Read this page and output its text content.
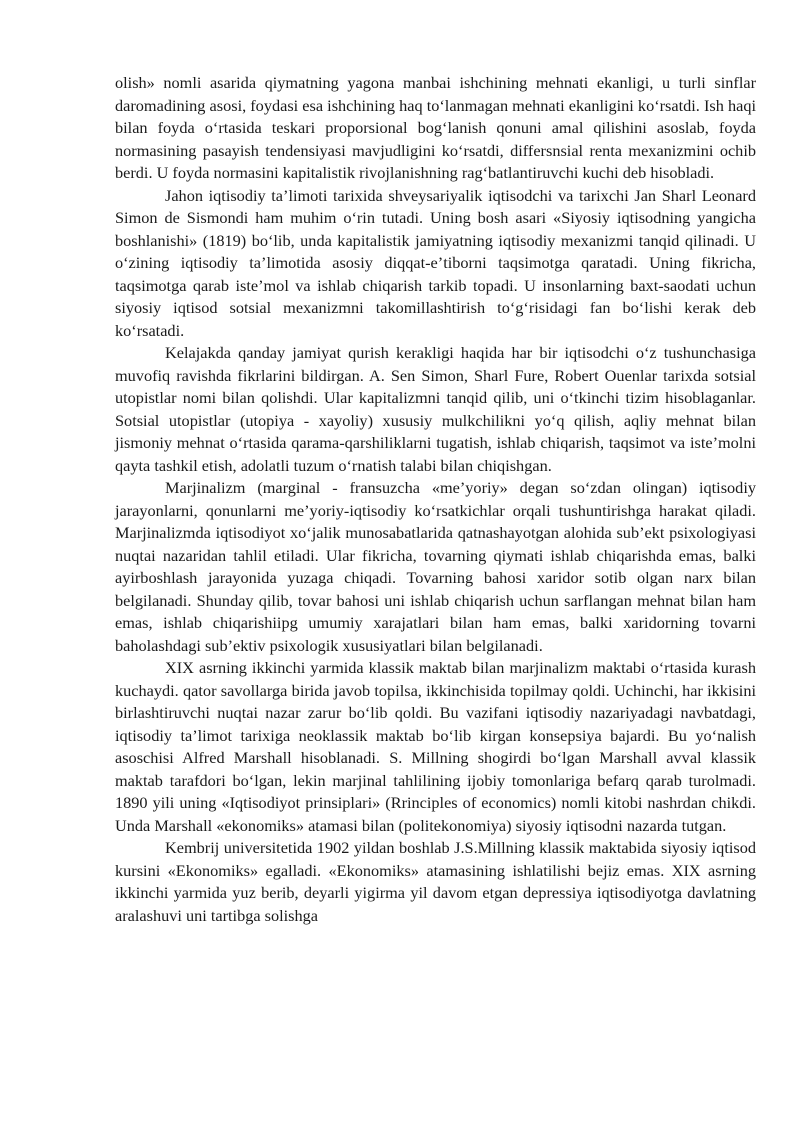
olish» nomli asarida qiymatning yagona manbai ishchining mehnati ekanligi, u turli sinflar daromadining asosi, foydasi esa ishchining haq toʻlanmagan mehnati ekanligini koʻrsatdi. Ish haqi bilan foyda oʻrtasida teskari proporsional bogʻlanish qonuni amal qilishini asoslab, foyda normasining pasayish tendensiyasi mavjudligini koʻrsatdi, differsnsial renta mexanizmini ochib berdi. U foyda normasini kapitalistik rivojlanishning ragʻbatlantiruvchi kuchi deb hisobladi.

Jahon iqtisodiy taʼlimoti tarixida shveysariyalik iqtisodchi va tarixchi Jan Sharl Leonard Simon de Sismondi ham muhim oʻrin tutadi. Uning bosh asari «Siyosiy iqtisodning yangicha boshlanishi» (1819) boʻlib, unda kapitalistik jamiyatning iqtisodiy mexanizmi tanqid qilinadi. U oʻzining iqtisodiy taʼlimotida asosiy diqqat-eʼtiborni taqsimotga qaratadi. Uning fikricha, taqsimotga qarab isteʼmol va ishlab chiqarish tarkib topadi. U insonlarning baxt-saodati uchun siyosiy iqtisod sotsial mexanizmni takomillashtirish toʻgʻrisidagi fan boʻlishi kerak deb koʻrsatadi.

Kelajakda qanday jamiyat qurish kerakligi haqida har bir iqtisodchi oʻz tushunchasiga muvofiq ravishda fikrlarini bildirgan. A. Sen Simon, Sharl Fure, Robert Ouenlar tarixda sotsial utopistlar nomi bilan qolishdi. Ular kapitalizmni tanqid qilib, uni oʻtkinchi tizim hisoblaganlar. Sotsial utopistlar (utopiya - xayoliy) xususiy mulkchilikni yoʻq qilish, aqliy mehnat bilan jismoniy mehnat oʻrtasida qarama-qarshiliklarni tugatish, ishlab chiqarish, taqsimot va isteʼmolni qayta tashkil etish, adolatli tuzum oʻrnatish talabi bilan chiqishgan.

Marjinalizm (marginal - fransuzcha «meʼyoriy» degan soʻzdan olingan) iqtisodiy jarayonlarni, qonunlarni meʼyoriy-iqtisodiy koʻrsatkichlar orqali tushuntirishga harakat qiladi. Marjinalizmda iqtisodiyot xoʻjalik munosabatlarida qatnashayotgan alohida subʼekt psixologiyasi nuqtai nazaridan tahlil etiladi. Ular fikricha, tovarning qiymati ishlab chiqarishda emas, balki ayirboshlash jarayonida yuzaga chiqadi. Tovarning bahosi xaridor sotib olgan narx bilan belgilanadi. Shunday qilib, tovar bahosi uni ishlab chiqarish uchun sarflangan mehnat bilan ham emas, ishlab chiqarishiipg umumiy xarajatlari bilan ham emas, balki xaridorning tovarni baholashdagi subʼektiv psixologik xususiyatlari bilan belgilanadi.

XIX asrning ikkinchi yarmida klassik maktab bilan marjinalizm maktabi oʻrtasida kurash kuchaydi. qator savollarga birida javob topilsa, ikkinchisida topilmay qoldi. Uchinchi, har ikkisini birlashtiruvchi nuqtai nazar zarur boʻlib qoldi. Bu vazifani iqtisodiy nazariyadagi navbatdagi, iqtisodiy taʼlimot tarixiga neoklassik maktab boʻlib kirgan konsepsiya bajardi. Bu yoʻnalish asoschisi Alfred Marshall hisoblanadi. S. Millning shogirdi boʻlgan Marshall avval klassik maktab tarafdori boʻlgan, lekin marjinal tahlilining ijobiy tomonlariga befarq qarab turolmadi. 1890 yili uning «Iqtisodiyot prinsiplari» (Rrinciples of economics) nomli kitobi nashrdan chikdi. Unda Marshall «ekonomiks» atamasi bilan (politekonomiya) siyosiy iqtisodni nazarda tutgan.

Kembrij universitetida 1902 yildan boshlab J.S.Millning klassik maktabida siyosiy iqtisod kursini «Ekonomiks» egalladi. «Ekonomiks» atamasining ishlatilishi bejiz emas. XIX asrning ikkinchi yarmida yuz berib, deyarli yigirma yil davom etgan depressiya iqtisodiyotga davlatning aralashuvi uni tartibga solishga
